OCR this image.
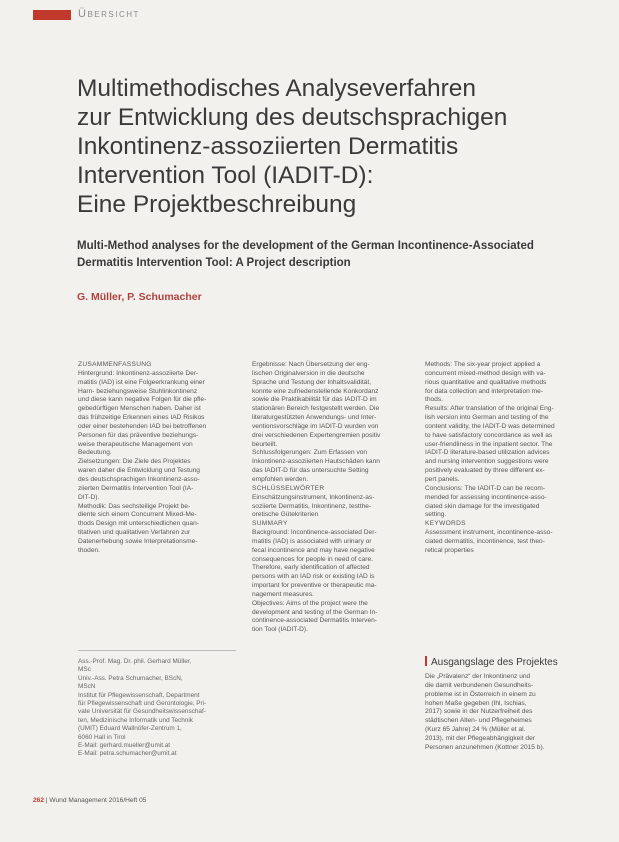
Übersicht
Multimethodisches Analyseverfahren
zur Entwicklung des deutschsprachigen
Inkontinenz-assoziierten Dermatitis
Intervention Tool (IADIT-D):
Eine Projektbeschreibung
Multi-Method analyses for the development of the German Incontinence-Associated
Dermatitis Intervention Tool: A Project description
G. Müller, P. Schumacher

ZUSAMMENFASSUNG

Hintergrund: Inkontinenz-assoziierte Der-

matitis (IAD) ist eine Folgeerkrankung einer

Harn- beziehungsweise Stuhlinkontinenz

und diese kann negative Folgen für die pfle-

gebedürftigen Menschen haben. Daher ist

das frühzeitige Erkennen eines IAD Risikos

oder einer bestehenden IAD bei betroffenen

Personen für das präventive beziehungs-

weise therapeutische Management von

Bedeutung.

Zielsetzungen: Die Ziele des Projektes

waren daher die Entwicklung und Testung

des deutschsprachigen Inkontinenz-asso-

ziierten Dermatitis Intervention Tool (IA-

DIT-D).

Methodik: Das sechsteilige Projekt be-

diente sich einem Concurrent Mixed-Me-

thods Design mit unterschiedlichen quan-

titativen und qualitativen Verfahren zur

Datenerhebung sowie Interpretationsme-

thoden.

Ergebnisse: Nach Übersetzung der eng-

lischen Originalversion in die deutsche

Sprache und Testung der Inhaltsvalidität,

konnte eine zufriedenstellende Konkordanz

sowie die Praktikabilität für das IADIT-D im

stationären Bereich festgestellt werden. Die

literaturgestützten Anwendungs- und Inter-

ventionsvorschläge im IADIT-D wurden von

drei verschiedenen Expertengremien positiv

beurteilt.

Schlussfolgerungen: Zum Erfassen von

Inkontinenz-assoziierten Hautschäden kann

das IADIT-D für das untersuchte Setting

empfohlen werden.

SCHLÜSSELWÖRTER

Einschätzungsinstrument, Inkontinenz-as-

soziierte Dermatitis, Inkontinenz, testthe-

oretische Gütekriterien

SUMMARY

Background: Incontinence-associated Der-

matitis (IAD) is associated with urinary or

fecal incontinence and may have negative

consequences for people in need of care.

Therefore, early identification of affected

persons with an IAD risk or existing IAD is

important for preventive or therapeutic ma-

nagement measures.

Objectives: Aims of the project were the

development and testing of the German In-

continence-associated Dermatitis Interven-

tion Tool (IADIT-D).

Methods: The six-year project applied a

concurrent mixed-method design with va-

rious quantitative and qualitative methods

for data collection and interpretation me-

thods.

Results: After translation of the original Eng-

lish version into German and testing of the

content validity, the IADIT-D was determined

to have satisfactory concordance as well as

user-friendliness in the inpatient sector. The

IADIT-D literature-based utilization advices

and nursing intervention suggestions were

positively evaluated by three different ex-

pert panels.

Conclusions: The IADIT-D can be recom-

mended for assessing incontinence-asso-

ciated skin damage for the investigated

setting.

KEYWORDS

Assessment instrument, incontinence-asso-

ciated dermatitis, incontinence, test theo-

retical properties

Ass.-Prof. Mag. Dr. phil. Gerhard Müller,

MSc

Univ.-Ass. Petra Schumacher, BScN,

MScN

Institut für Pflegewissenschaft, Department

für Pflegewissenschaft und Gerontologie, Pri-

vate Universität für Gesundheitswissenschaf-

ten, Medizinische Informatik und Technik

(UMIT) Eduard Wallnöfer-Zentrum 1,

6060 Hall in Tirol

E-Mail: gerhard.mueller@umit.at

E-Mail: petra.schumacher@umit.at

Ausgangslage des Projektes

Die „Prävalenz“ der Inkontinenz und

die damit verbundenen Gesundheits-

probleme ist in Österreich in einem zu

hohen Maße gegeben (Ihl, Ischias,

2017) sowie in der Nutzerfreiheit des

städtischen Alten- und Pflegeheimes

(Kurz 65 Jahre) 24 % (Müller et al.

2013), mit der Pflegeabhängigkeit der

Personen anzunehmen (Kottner 2015 b).

262 | Wund Management 2016/Heft 05
